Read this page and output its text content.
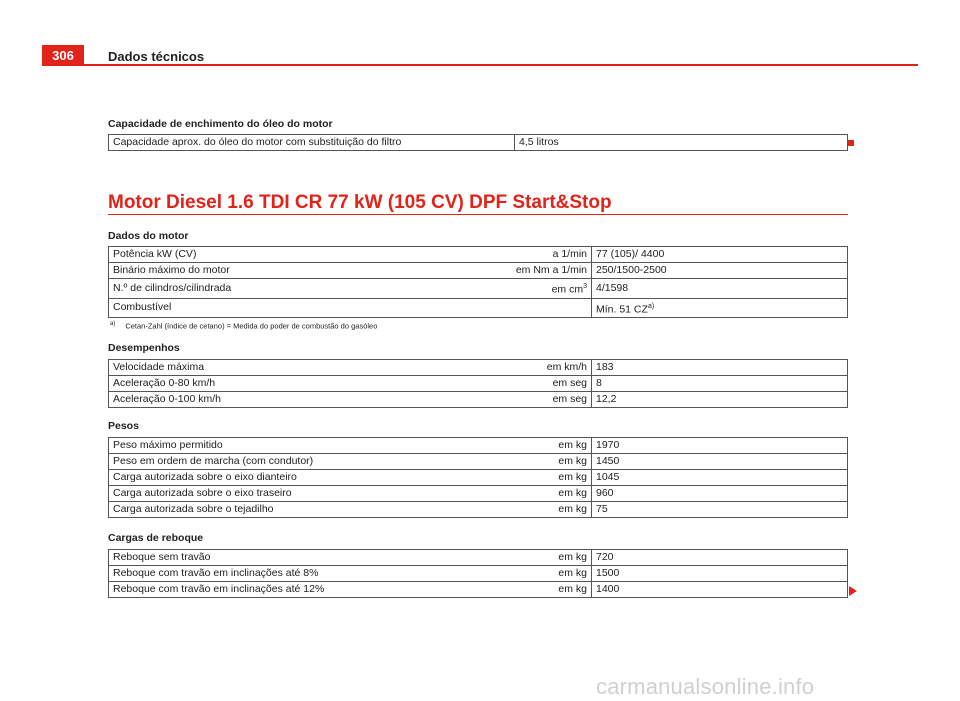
306	Dados técnicos
Capacidade de enchimento do óleo do motor
Capacidade aprox. do óleo do motor com substituição do filtro	4,5 litros
Motor Diesel 1.6 TDI CR 77 kW (105 CV) DPF Start&Stop
Dados do motor
Potência kW (CV)	a 1/min	77 (105)/ 4400
Binário máximo do motor	em Nm a 1/min	250/1500-2500
N.º de cilindros/cilindrada	em $cm^3$	4/1598
Combustível		Mín. 51 CZ$^{a)}$
$^{a)}$ Cetan-Zahl (índice de cetano) = Medida do poder de combustão do gasóleo
Desempenhos
Velocidade máxima	em km/h	183
Aceleração 0-80 km/h	em seg	8
Aceleração 0-100 km/h	em seg	12,2
Pesos
Peso máximo permitido	em kg	1970
Peso em ordem de marcha (com condutor)	em kg	1450
Carga autorizada sobre o eixo dianteiro	em kg	1045
Carga autorizada sobre o eixo traseiro	em kg	960
Carga autorizada sobre o tejadilho	em kg	75
Cargas de reboque
Reboque sem travão	em kg	720
Reboque com travão em inclinações até 8%	em kg	1500
Reboque com travão em inclinações até 12%	em kg	1400
carmanualsonline.info
